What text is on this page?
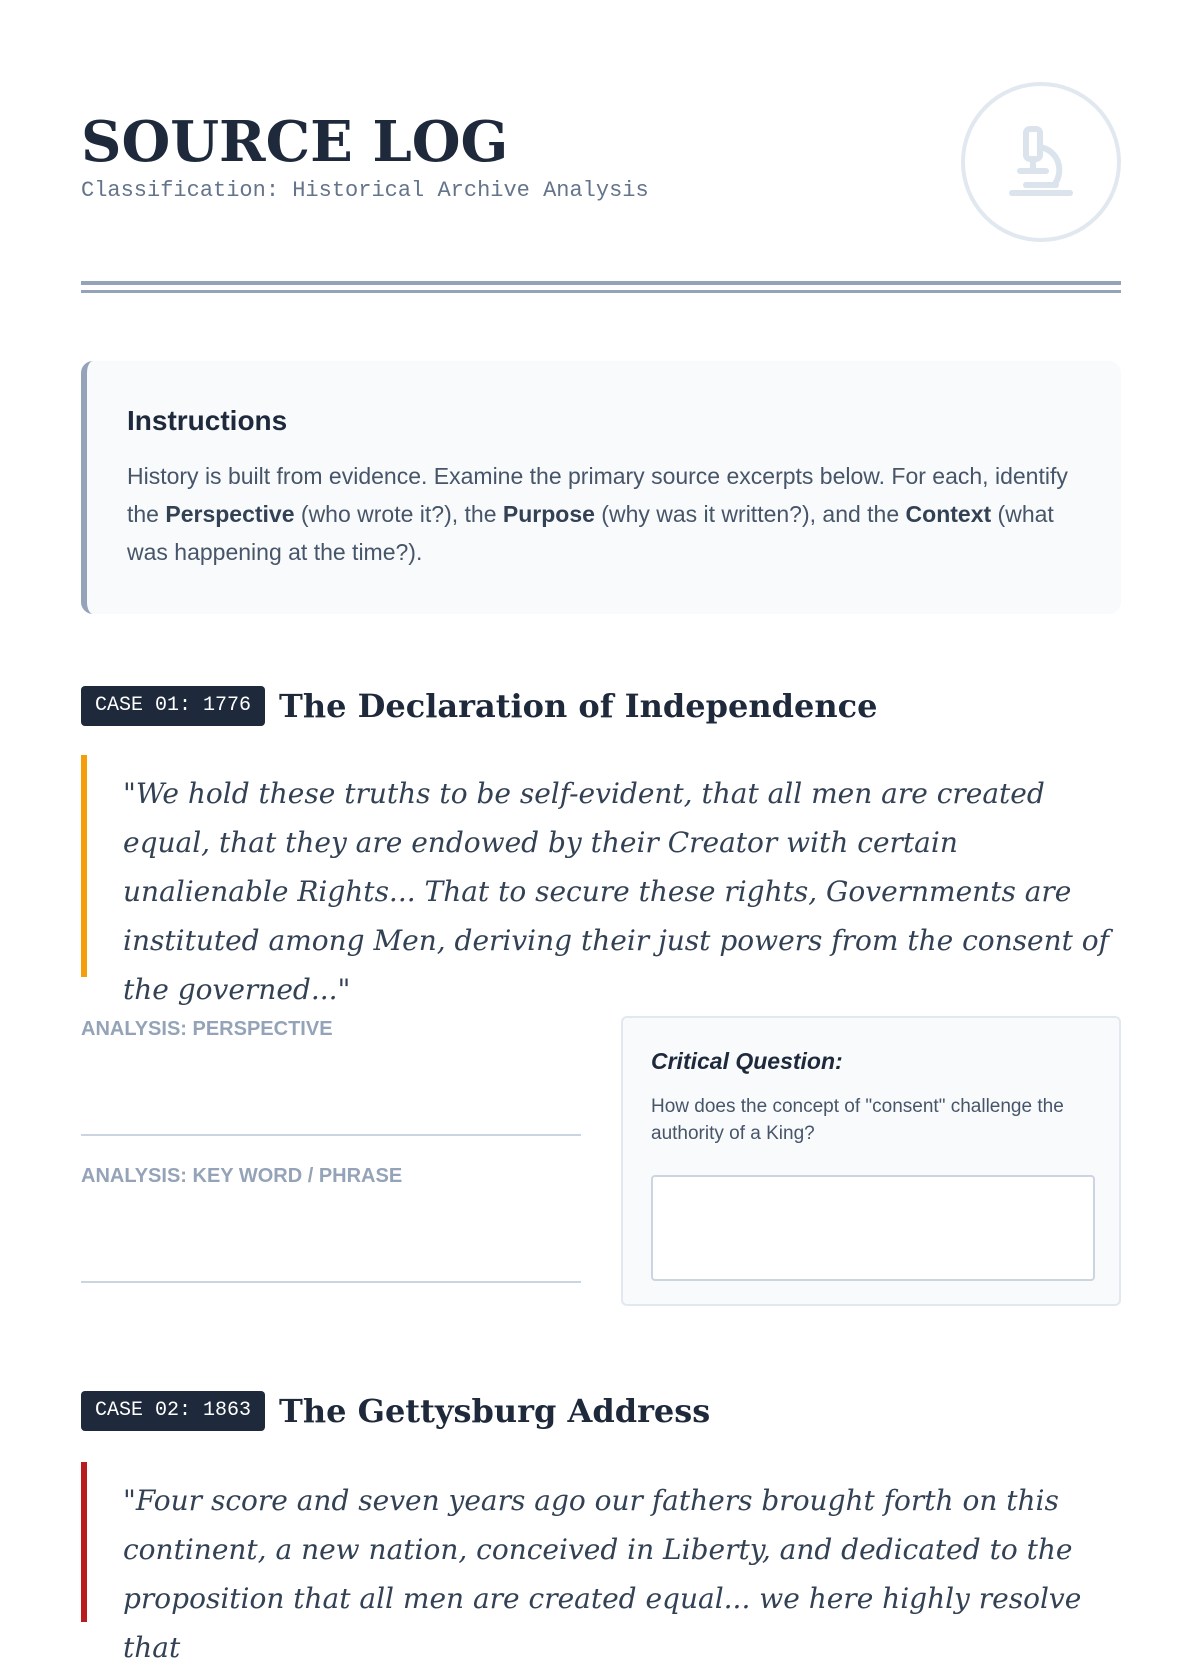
SOURCE LOG
Classification: Historical Archive Analysis
Instructions

History is built from evidence. Examine the primary source excerpts below. For each, identify the Perspective (who wrote it?), the Purpose (why was it written?), and the Context (what was happening at the time?).

CASE 01: 1776 The Declaration of Independence
"We hold these truths to be self-evident, that all men are created equal, that they are endowed by their Creator with certain unalienable Rights... That to secure these rights, Governments are instituted among Men, deriving their just powers from the consent of the governed..."
ANALYSIS: PERSPECTIVE
ANALYSIS: KEY WORD / PHRASE
Critical Question:
How does the concept of "consent" challenge the authority of a King?
CASE 02: 1863 The Gettysburg Address
"Four score and seven years ago our fathers brought forth on this continent, a new nation, conceived in Liberty, and dedicated to the proposition that all men are created equal... we here highly resolve that
